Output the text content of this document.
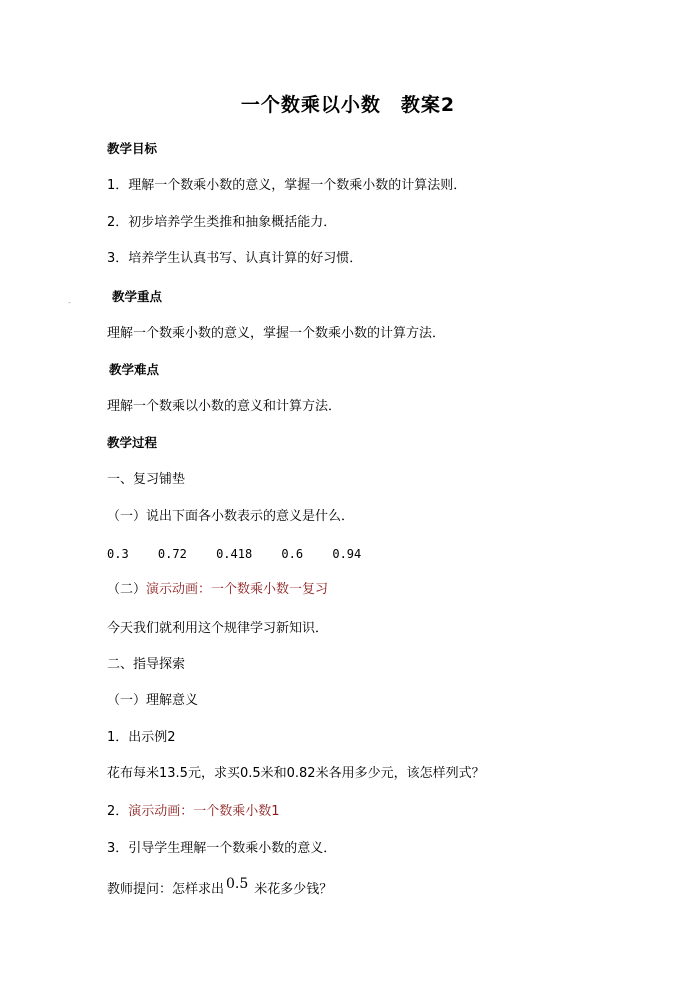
一个数乘以小数　教案2
教学目标
1．理解一个数乘小数的意义，掌握一个数乘小数的计算法则．
2．初步培养学生类推和抽象概括能力．
3．培养学生认真书写、认真计算的好习惯．
-	教学重点
理解一个数乘小数的意义，掌握一个数乘小数的计算方法．
教学难点
理解一个数乘以小数的意义和计算方法．
教学过程
一、复习铺垫
（一）说出下面各小数表示的意义是什么．
0.3 0.72 0.418 0.6 0.94
（二）演示动画：一个数乘小数一复习
今天我们就利用这个规律学习新知识．
二、指导探索
（一）理解意义
1．出示例2
花布每米13.5元，求买0.5米和0.82米各用多少元，该怎样列式？
2．演示动画：一个数乘小数1
3．引导学生理解一个数乘小数的意义．
教师提问：怎样求出 0.5 米花多少钱？
